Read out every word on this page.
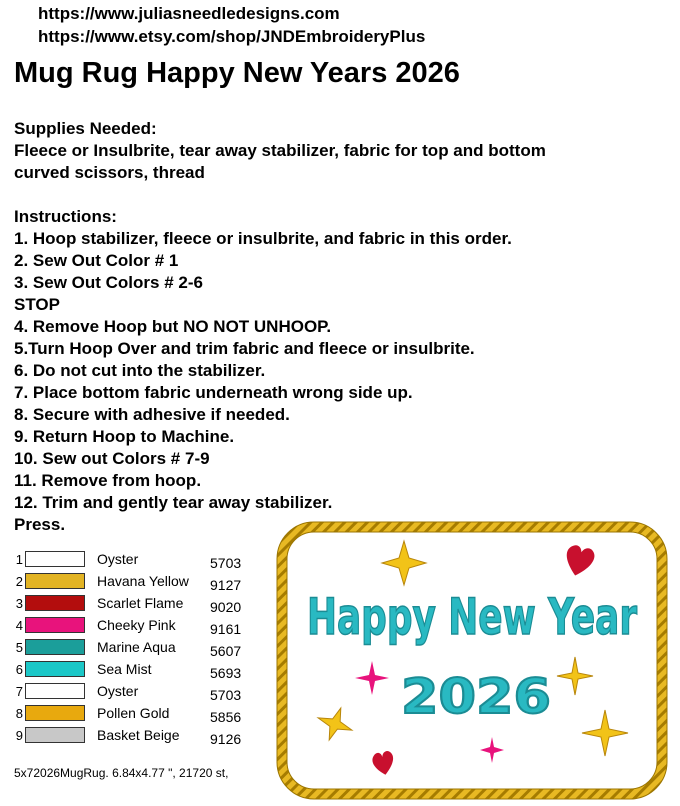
https://www.juliasneedledesigns.com
https://www.etsy.com/shop/JNDEmbroideryPlus
Mug Rug Happy New Years 2026
Supplies Needed:
Fleece or Insulbrite, tear away stabilizer, fabric for top and bottom
curved scissors, thread
Instructions:
1. Hoop stabilizer, fleece or insulbrite, and fabric in this order.
2. Sew Out Color # 1
3. Sew Out Colors # 2-6
STOP
4. Remove Hoop but NO NOT UNHOOP.
5.Turn Hoop Over and trim fabric and fleece or insulbrite.
6. Do not cut into the stabilizer.
7. Place bottom fabric underneath wrong side up.
8. Secure with adhesive if needed.
9. Return Hoop to Machine.
10. Sew out Colors # 7-9
11. Remove from hoop.
12. Trim and gently tear away stabilizer.
Press.
1	Oyster	5703
2	Havana Yellow 9127
3	Scarlet Flame 9020
4	Cheeky Pink 9161
5	Marine Aqua 5607
6	Sea Mist	5693
7	Oyster	5703
8	Pollen Gold	5856
9	Basket Beige 9126
5x72026MugRug. 6.84x4.77 ", 21720 st,
Happy New Year
2026
